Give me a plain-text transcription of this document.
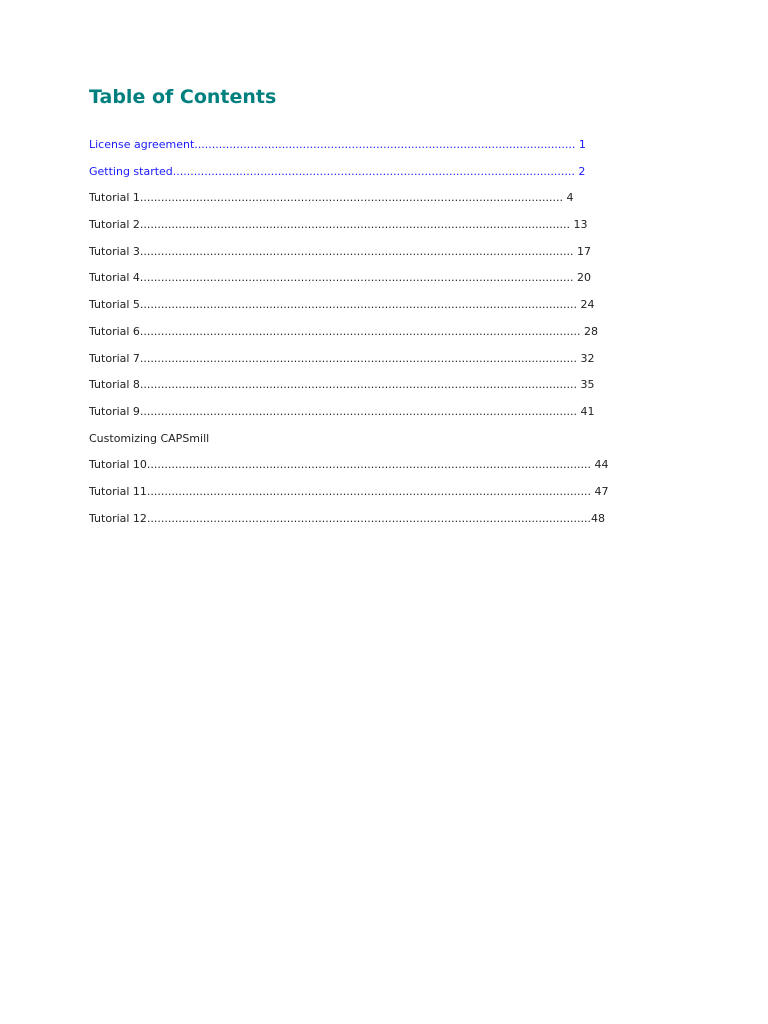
Table of Contents
License agreement............................................................................................................. 1
Getting started................................................................................................................... 2
Tutorial 1......................................................................................................................... 4
Tutorial 2........................................................................................................................... 13
Tutorial 3............................................................................................................................ 17
Tutorial 4............................................................................................................................ 20
Tutorial 5............................................................................................................................. 24
Tutorial 6.............................................................................................................................. 28
Tutorial 7............................................................................................................................. 32
Tutorial 8............................................................................................................................. 35
Tutorial 9............................................................................................................................. 41
Customizing CAPSmill
Tutorial 10............................................................................................................................... 44
Tutorial 11............................................................................................................................... 47
Tutorial 12...............................................................................................................................48
